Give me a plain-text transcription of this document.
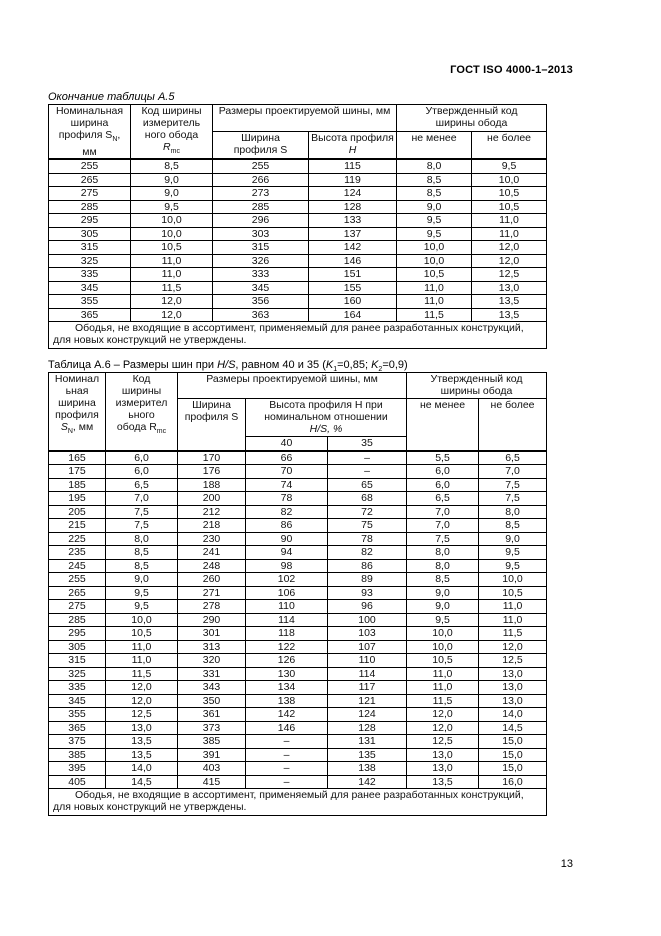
ГОСТ ISO 4000-1–2013
Окончание таблицы А.5
Номинальная
ширина
профиля $S_N$,
мм	Код ширины
измеритель
ного обода
$R_{mc}$	Размеры проектируемой шины, мм		Утвержденный код
ширины обода	
		Ширина
профиля S	Высота профиля
H	не менее	не более
255	8,5	255	115	8,0	9,5
265	9,0	266	119	8,5	10,0
275	9,0	273	124	8,5	10,5
285	9,5	285	128	9,0	10,5
295	10,0	296	133	9,5	11,0
305	10,0	303	137	9,5	11,0
315	10,5	315	142	10,0	12,0
325	11,0	326	146	10,0	12,0
335	11,0	333	151	10,5	12,5
345	11,5	345	155	11,0	13,0
355	12,0	356	160	11,0	13,5
365	12,0	363	164	11,5	13,5
Ободья, не входящие в ассортимент, применяемый для ранее разработанных конструкций,
для новых конструкций не утверждены.					
Таблица А.6 – Размеры шин при H/S, равном 40 и 35 ($K_1=0,85$; $K_2=0,9$)
Номинал
ьная
ширина
профиля
$S_N$, мм	Код
ширины
измерител
ьного
обода $R_{mc}$	Размеры проектируемой шины, мм			Утвержденный код
ширины обода	
		Ширина
профиля S	Высота профиля H при
номинальном отношении
H/S, %		не менее	не более
			40	35		
165	6,0	170	66	–	5,5	6,5
175	6,0	176	70	–	6,0	7,0
185	6,5	188	74	65	6,0	7,5
195	7,0	200	78	68	6,5	7,5
205	7,5	212	82	72	7,0	8,0
215	7,5	218	86	75	7,0	8,5
225	8,0	230	90	78	7,5	9,0
235	8,5	241	94	82	8,0	9,5
245	8,5	248	98	86	8,0	9,5
255	9,0	260	102	89	8,5	10,0
265	9,5	271	106	93	9,0	10,5
275	9,5	278	110	96	9,0	11,0
285	10,0	290	114	100	9,5	11,0
295	10,5	301	118	103	10,0	11,5
305	11,0	313	122	107	10,0	12,0
315	11,0	320	126	110	10,5	12,5
325	11,5	331	130	114	11,0	13,0
335	12,0	343	134	117	11,0	13,0
345	12,0	350	138	121	11,5	13,0
355	12,5	361	142	124	12,0	14,0
365	13,0	373	146	128	12,0	14,5
375	13,5	385	–	131	12,5	15,0
385	13,5	391	–	135	13,0	15,0
395	14,0	403	–	138	13,0	15,0
405	14,5	415	–	142	13,5	16,0
Ободья, не входящие в ассортимент, применяемый для ранее разработанных конструкций,
для новых конструкций не утверждены.						
13
